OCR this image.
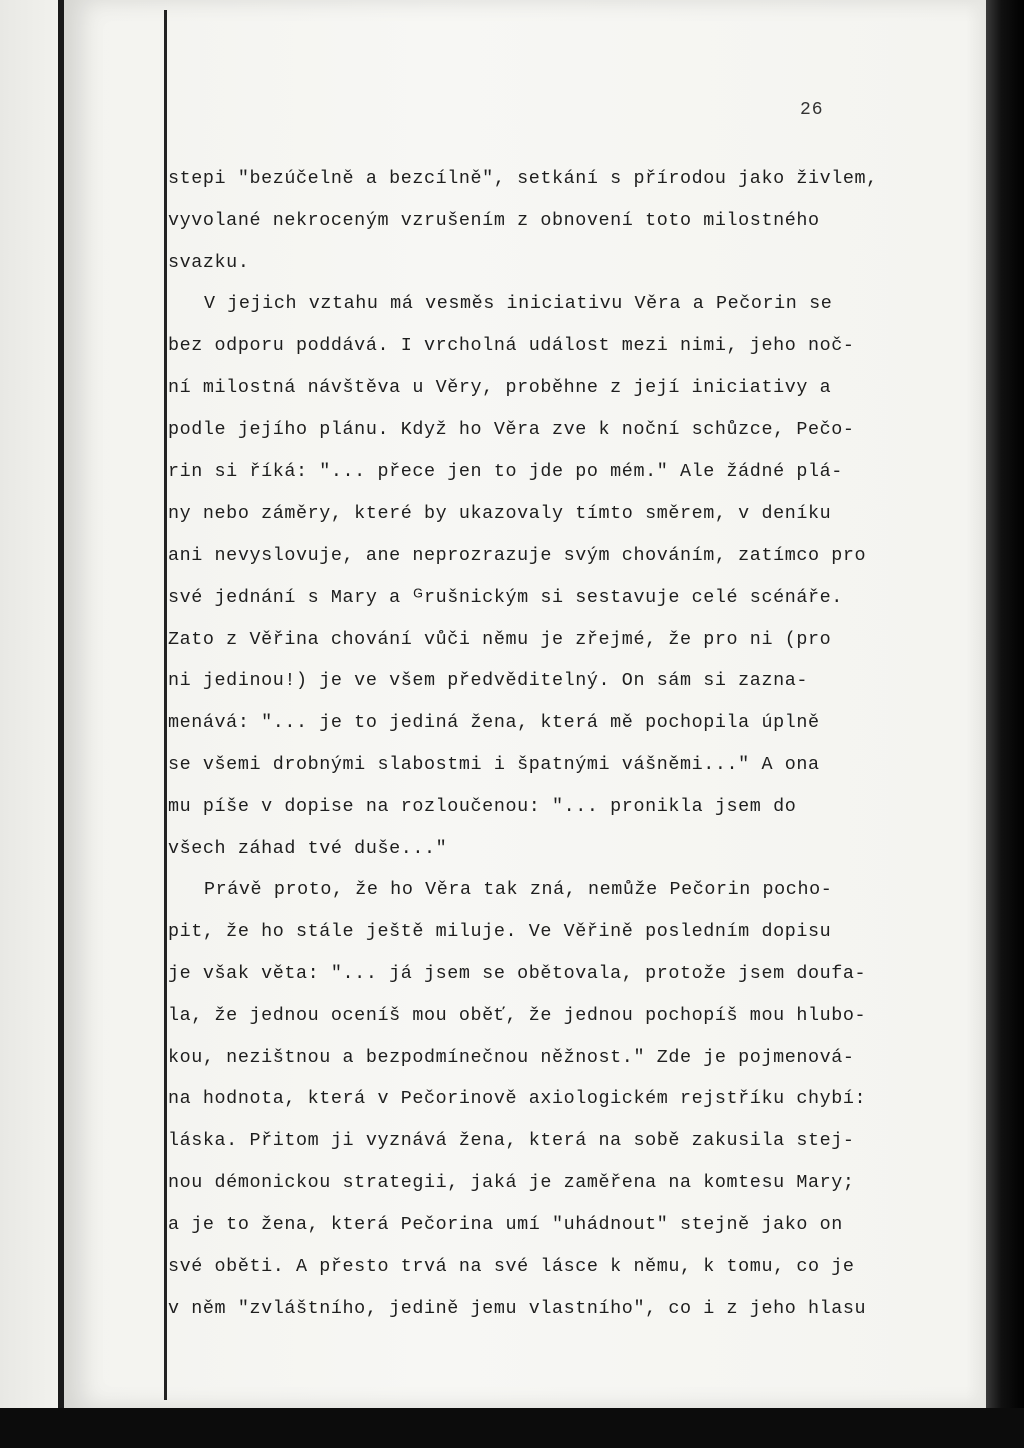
26
stepi "bezúčelně a bezcílně", setkání s přírodou jako živlem,
vyvolané nekroceným vzrušením z obnovení toto milostného
svazku.
V jejich vztahu má vesměs iniciativu Věra a Pečorin se
bez odporu poddává. I vrcholná událost mezi nimi, jeho noč-
ní milostná návštěva u Věry, proběhne z její iniciativy a
podle jejího plánu. Když ho Věra zve k noční schůzce, Pečo-
rin si říká: "... přece jen to jde po mém." Ale žádné plá-
ny nebo záměry, které by ukazovaly tímto směrem, v deníku
ani nevyslovuje, ane neprozrazuje svým chováním, zatímco pro
své jednání s Mary a ᴳrušnickým si sestavuje celé scénáře.
Zato z Věřina chování vůči němu je zřejmé, že pro ni (pro
ni jedinou!) je ve všem předvěditelný. On sám si zazna-
menává: "... je to jediná žena, která mě pochopila úplně
se všemi drobnými slabostmi i špatnými vášněmi..." A ona
mu píše v dopise na rozloučenou: "... pronikla jsem do
všech záhad tvé duše..."
Právě proto, že ho Věra tak zná, nemůže Pečorin pocho-
pit, že ho stále ještě miluje. Ve Věřině posledním dopisu
je však věta: "... já jsem se obětovala, protože jsem doufa-
la, že jednou oceníš mou oběť, že jednou pochopíš mou hlubo-
kou, nezištnou a bezpodmínečnou něžnost." Zde je pojmenová-
na hodnota, která v Pečorinově axiologickém rejstříku chybí:
láska. Přitom ji vyznává žena, která na sobě zakusila stej-
nou démonickou strategii, jaká je zaměřena na komtesu Mary;
a je to žena, která Pečorina umí "uhádnout" stejně jako on
své oběti. A přesto trvá na své lásce k němu, k tomu, co je
v něm "zvláštního, jedině jemu vlastního", co i z jeho hlasu
